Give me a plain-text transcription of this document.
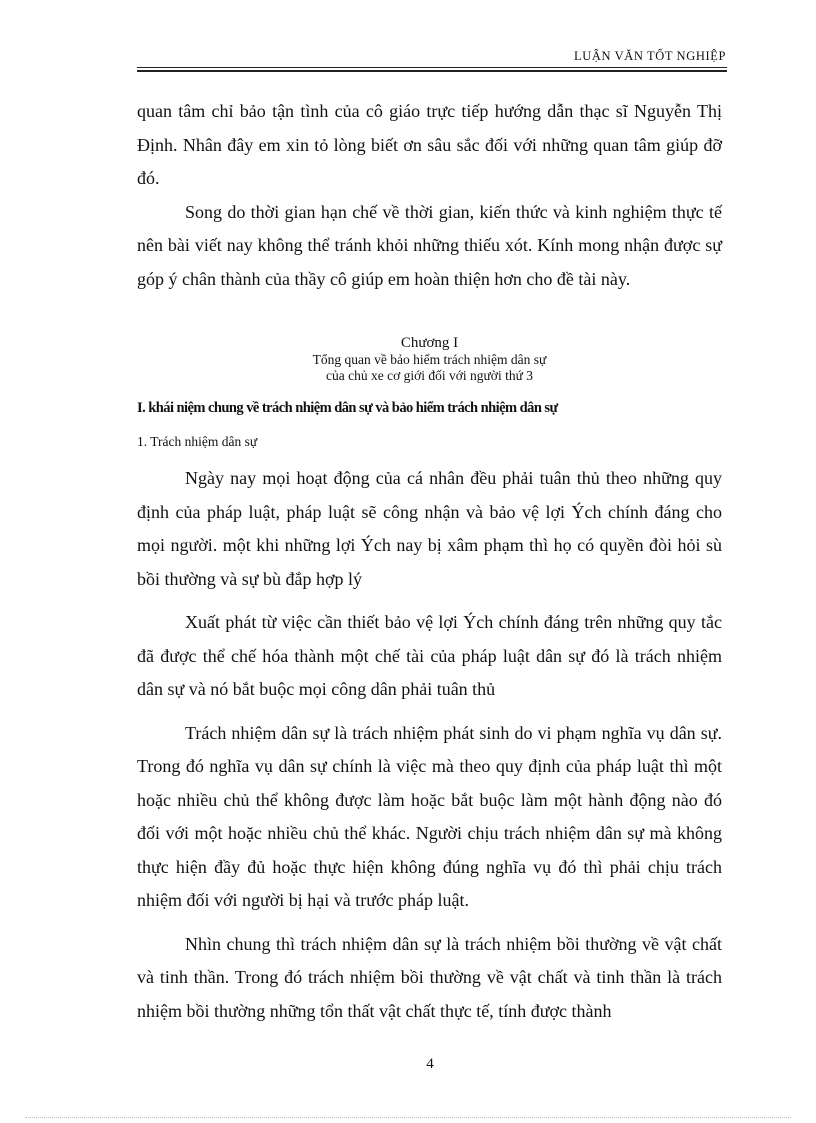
LUẬN VĂN TỐT NGHIỆP

quan tâm chỉ bảo tận tình của cô giáo trực tiếp hướng dẫn thạc sĩ Nguyễn Thị Định. Nhân đây em xin tỏ lòng biết ơn sâu sắc đối với những quan tâm giúp đỡ đó.

Song do thời gian hạn chế về thời gian, kiến thức và kinh nghiệm thực tế nên bài viết nay không thể tránh khỏi những thiếu xót. Kính mong nhận được sự góp ý chân thành của thầy cô giúp em hoàn thiện hơn cho đề tài này.

Chương I
Tổng quan về bảo hiểm trách nhiệm dân sự
của chủ xe cơ giới đối với người thứ 3
I. khái niệm chung về trách nhiệm dân sự và bảo hiểm trách nhiệm dân sự
1. Trách nhiệm dân sự

Ngày nay mọi hoạt động của cá nhân đều phải tuân thủ theo những quy định của pháp luật, pháp luật sẽ công nhận và bảo vệ lợi Ých chính đáng cho mọi người. một khi những lợi Ých nay bị xâm phạm thì họ có quyền đòi hỏi sù bồi thường và sự bù đắp hợp lý

Xuất phát từ việc cần thiết bảo vệ lợi Ých chính đáng trên những quy tắc đã được thể chế hóa thành một chế tài của pháp luật dân sự đó là trách nhiệm dân sự và nó bắt buộc mọi công dân phải tuân thủ

Trách nhiệm dân sự là trách nhiệm phát sinh do vi phạm nghĩa vụ dân sự. Trong đó nghĩa vụ dân sự chính là việc mà theo quy định của pháp luật thì một hoặc nhiều chủ thể không được làm hoặc bắt buộc làm một hành động nào đó đối với một hoặc nhiều chủ thể khác. Người chịu trách nhiệm dân sự mà không thực hiện đầy đủ hoặc thực hiện không đúng nghĩa vụ đó thì phải chịu trách nhiệm đối với người bị hại và trước pháp luật.

Nhìn chung thì trách nhiệm dân sự là trách nhiệm bồi thường về vật chất và tinh thần. Trong đó trách nhiệm bồi thường về vật chất và tinh thần là trách nhiệm bồi thường những tổn thất vật chất thực tế, tính được thành

4
